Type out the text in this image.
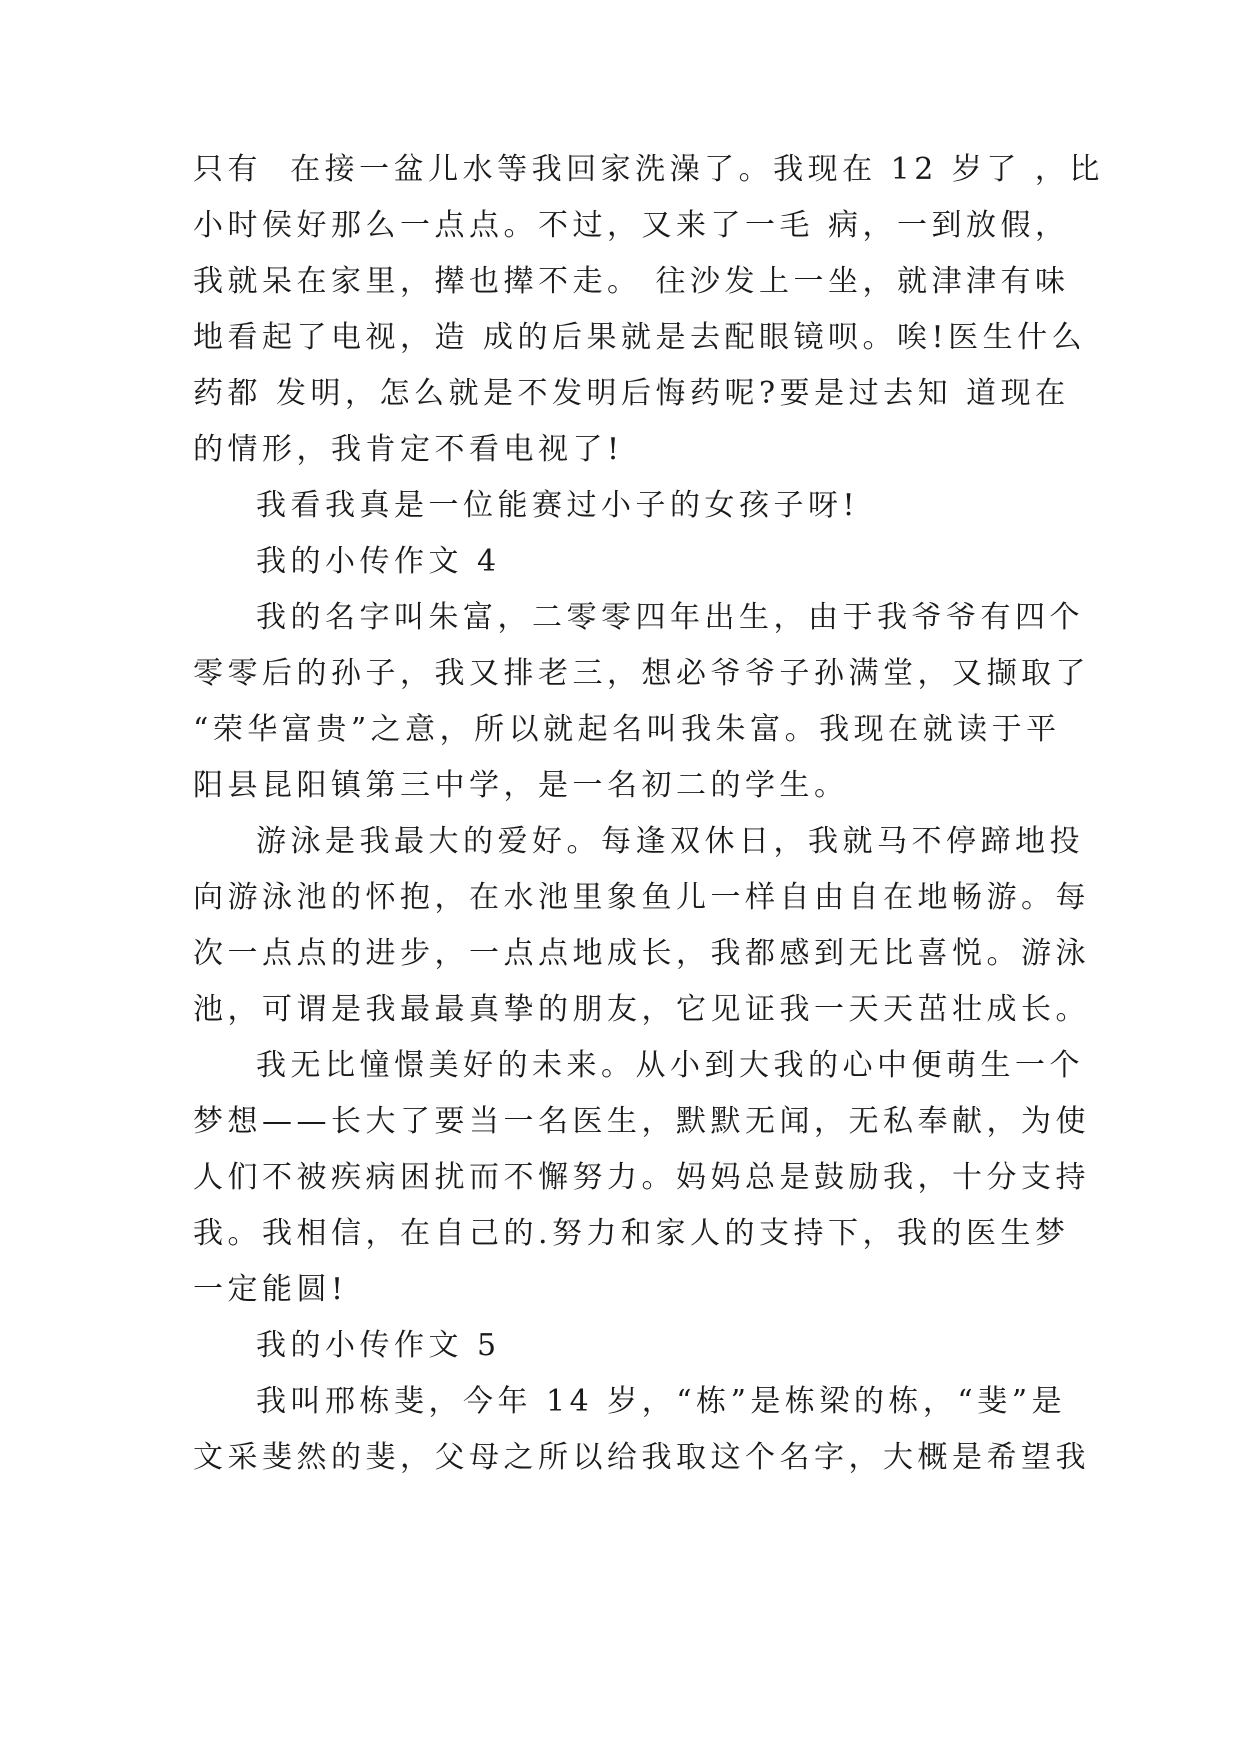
只有  在接一盆儿水等我回家洗澡了。我现在 12 岁了 ，比
小时侯好那么一点点。不过，又来了一毛 病，一到放假，
我就呆在家里，撵也撵不走。 往沙发上一坐，就津津有味
地看起了电视，造 成的后果就是去配眼镜呗。唉!医生什么
药都 发明，怎么就是不发明后悔药呢?要是过去知 道现在
的情形，我肯定不看电视了!
我看我真是一位能赛过小子的女孩子呀!
我的小传作文 4
我的名字叫朱富，二零零四年出生，由于我爷爷有四个
零零后的孙子，我又排老三，想必爷爷子孙满堂，又撷取了
“荣华富贵”之意，所以就起名叫我朱富。我现在就读于平
阳县昆阳镇第三中学，是一名初二的学生。
游泳是我最大的爱好。每逢双休日，我就马不停蹄地投
向游泳池的怀抱，在水池里象鱼儿一样自由自在地畅游。每
次一点点的进步，一点点地成长，我都感到无比喜悦。游泳
池，可谓是我最最真挚的朋友，它见证我一天天茁壮成长。
我无比憧憬美好的未来。从小到大我的心中便萌生一个
梦想——长大了要当一名医生，默默无闻，无私奉献，为使
人们不被疾病困扰而不懈努力。妈妈总是鼓励我，十分支持
我。我相信，在自己的.努力和家人的支持下，我的医生梦
一定能圆!
我的小传作文 5
我叫邢栋斐，今年 14 岁，“栋”是栋梁的栋，“斐”是
文采斐然的斐，父母之所以给我取这个名字，大概是希望我
